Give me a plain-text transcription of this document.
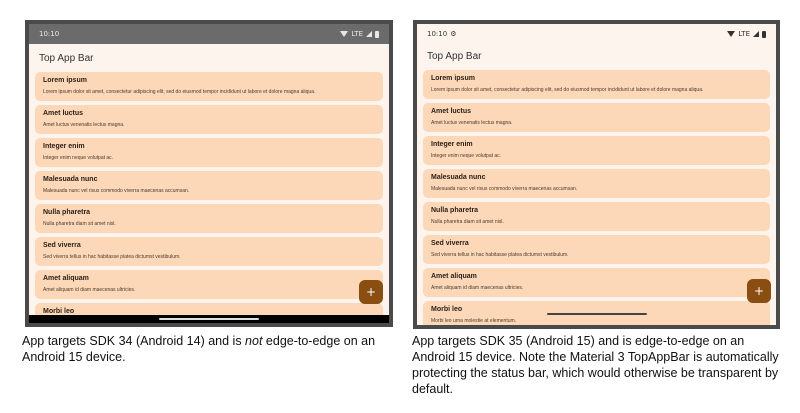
10:10	LTE
Top App Bar
Lorem ipsum
Lorem ipsum dolor sit amet, consectetur adipiscing elit, sed do eiusmod tempor incididunt ut labore et dolore magna aliqua.
Amet luctus
Amet luctus venenatis lectus magna.
Integer enim
Integer enim neque volutpat ac.
Malesuada nunc
Malesuada nunc vel risus commodo viverra maecenas accumsan.
Nulla pharetra
Nulla pharetra diam sit amet nisl.
Sed viverra
Sed viverra tellus in hac habitasse platea dictumst vestibulum.
Amet aliquam
Amet aliquam id diam maecenas ultricies.
Morbi leo
+
App targets SDK 34 (Android 14) and is not edge-to-edge on an Android 15 device.
10:10 ⚙	LTE
Top App Bar
Lorem ipsum
Lorem ipsum dolor sit amet, consectetur adipiscing elit, sed do eiusmod tempor incididunt ut labore et dolore magna aliqua.
Amet luctus
Amet luctus venenatis lectus magna.
Integer enim
Integer enim neque volutpat ac.
Malesuada nunc
Malesuada nunc vel risus commodo viverra maecenas accumsan.
Nulla pharetra
Nulla pharetra diam sit amet nisl.
Sed viverra
Sed viverra tellus in hac habitasse platea dictumst vestibulum.
Amet aliquam
Amet aliquam id diam maecenas ultricies.
Morbi leo
Morbi leo urna molestie at elementum.
+
App targets SDK 35 (Android 15) and is edge-to-edge on an Android 15 device. Note the Material 3 TopAppBar is automatically protecting the status bar, which would otherwise be transparent by default.
